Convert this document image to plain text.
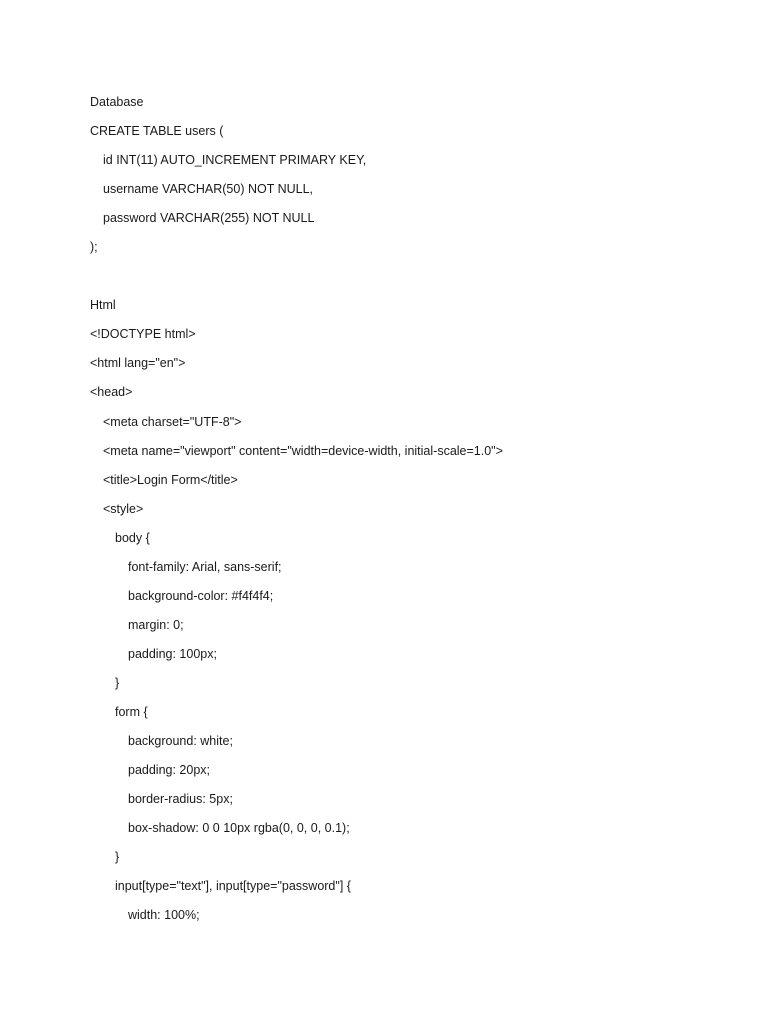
Database
CREATE TABLE users (
id INT(11) AUTO_INCREMENT PRIMARY KEY,
username VARCHAR(50) NOT NULL,
password VARCHAR(255) NOT NULL
);
Html
<!DOCTYPE html>
<html lang="en">
<head>
<meta charset="UTF-8">
<meta name="viewport" content="width=device-width, initial-scale=1.0">
<title>Login Form</title>
<style>
body {
font-family: Arial, sans-serif;
background-color: #f4f4f4;
margin: 0;
padding: 100px;
}
form {
background: white;
padding: 20px;
border-radius: 5px;
box-shadow: 0 0 10px rgba(0, 0, 0, 0.1);
}
input[type="text"], input[type="password"] {
width: 100%;
